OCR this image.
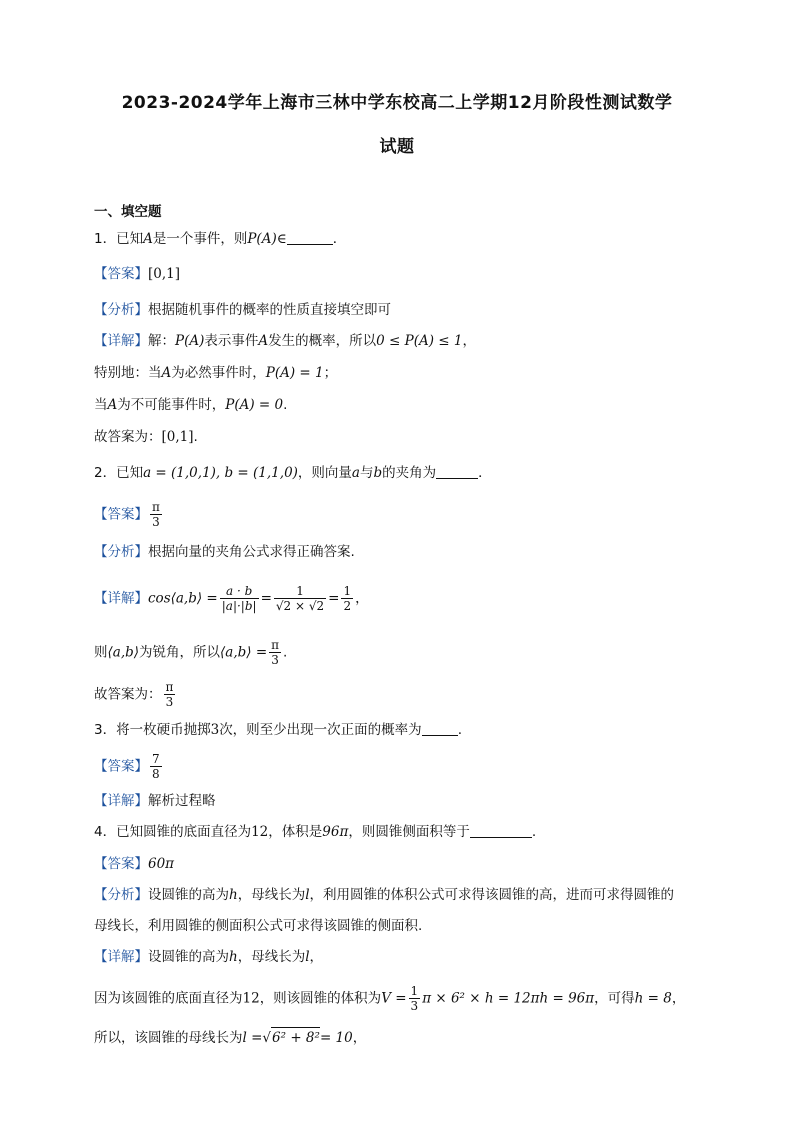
2023-2024学年上海市三林中学东校高二上学期12月阶段性测试数学
试题
一、填空题
1．已知A是一个事件，则P(A)∈	．
【答案】[0,1]
【分析】根据随机事件的概率的性质直接填空即可
【详解】解：P(A)表示事件A发生的概率，所以0 ≤ P(A) ≤ 1，
特别地：当A为必然事件时，P(A) = 1；
当A为不可能事件时，P(A) = 0.
故答案为：[0,1].
2．已知a = (1,0,1), b = (1,1,0)，则向量a与b的夹角为	．
【答案】 $\frac{\pi}{3}$
【分析】根据向量的夹角公式求得正确答案.
【详解】cos⟨a,b⟩ = $\frac{a \cdot b}{|a|\cdot|b|} = \frac{1}{√2 \times √2} = \frac{1}{2}$ ，
则⟨a,b⟩为锐角，所以⟨a,b⟩ = $\frac{\pi}{3}$ .
故答案为： $\frac{\pi}{3}$
3．将一枚硬币抛掷3次，则至少出现一次正面的概率为	.
【答案】 $\frac{7}{8}$
【详解】解析过程略
4．已知圆锥的底面直径为12，体积是96π，则圆锥侧面积等于	.
【答案】60π
【分析】设圆锥的高为h，母线长为l，利用圆锥的体积公式可求得该圆锥的高，进而可求得圆锥的
母线长，利用圆锥的侧面积公式可求得该圆锥的侧面积.
【详解】设圆锥的高为h，母线长为l，
因为该圆锥的底面直径为12，则该圆锥的体积为$V = \frac{1}{3}$ π × 6² × h = 12πh = 96π，可得h = 8，
所以，该圆锥的母线长为l =√6² + 8²= 10，
